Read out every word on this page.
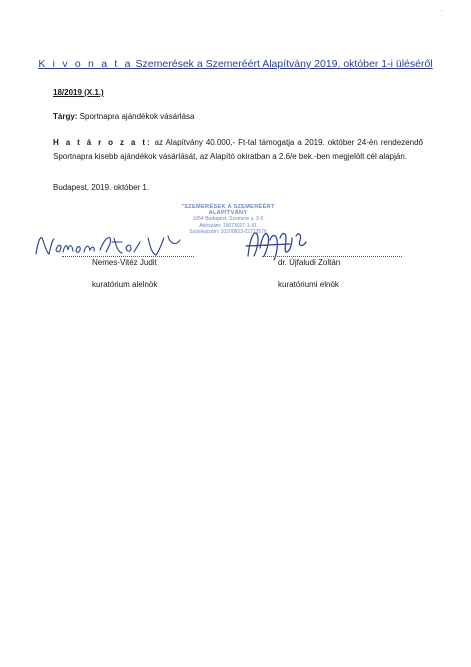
··
·
·
K i v o n a t a Szemerések a Szemeréért Alapítvány 2019. október 1-i üléséről
18/2019 (X.1.)
Tárgy: Sportnapra ajándékok vásárlása
H a t á r o z a t: az Alapítvány 40.000,- Ft-tal támogatja a 2019. október 24-én rendezendő Sportnapra kisebb ajándékok vásárlását, az Alapító okiratban a 2.6/e bek.-ben megjelölt cél alapján.
Budapest, 2019. október 1.
"SZEMERÉSEK A SZEMERÉÉRT
ALAPÍTVÁNY
1054 Budapest, Szemere u. 3-5
Adószám: 19673037-1-41
Számlaszám: 10200823-22723576
Nemes-Vitéz Judit
kuratórium alelnök
dr. Újfaludi Zoltán
kuratóriumi elnök
